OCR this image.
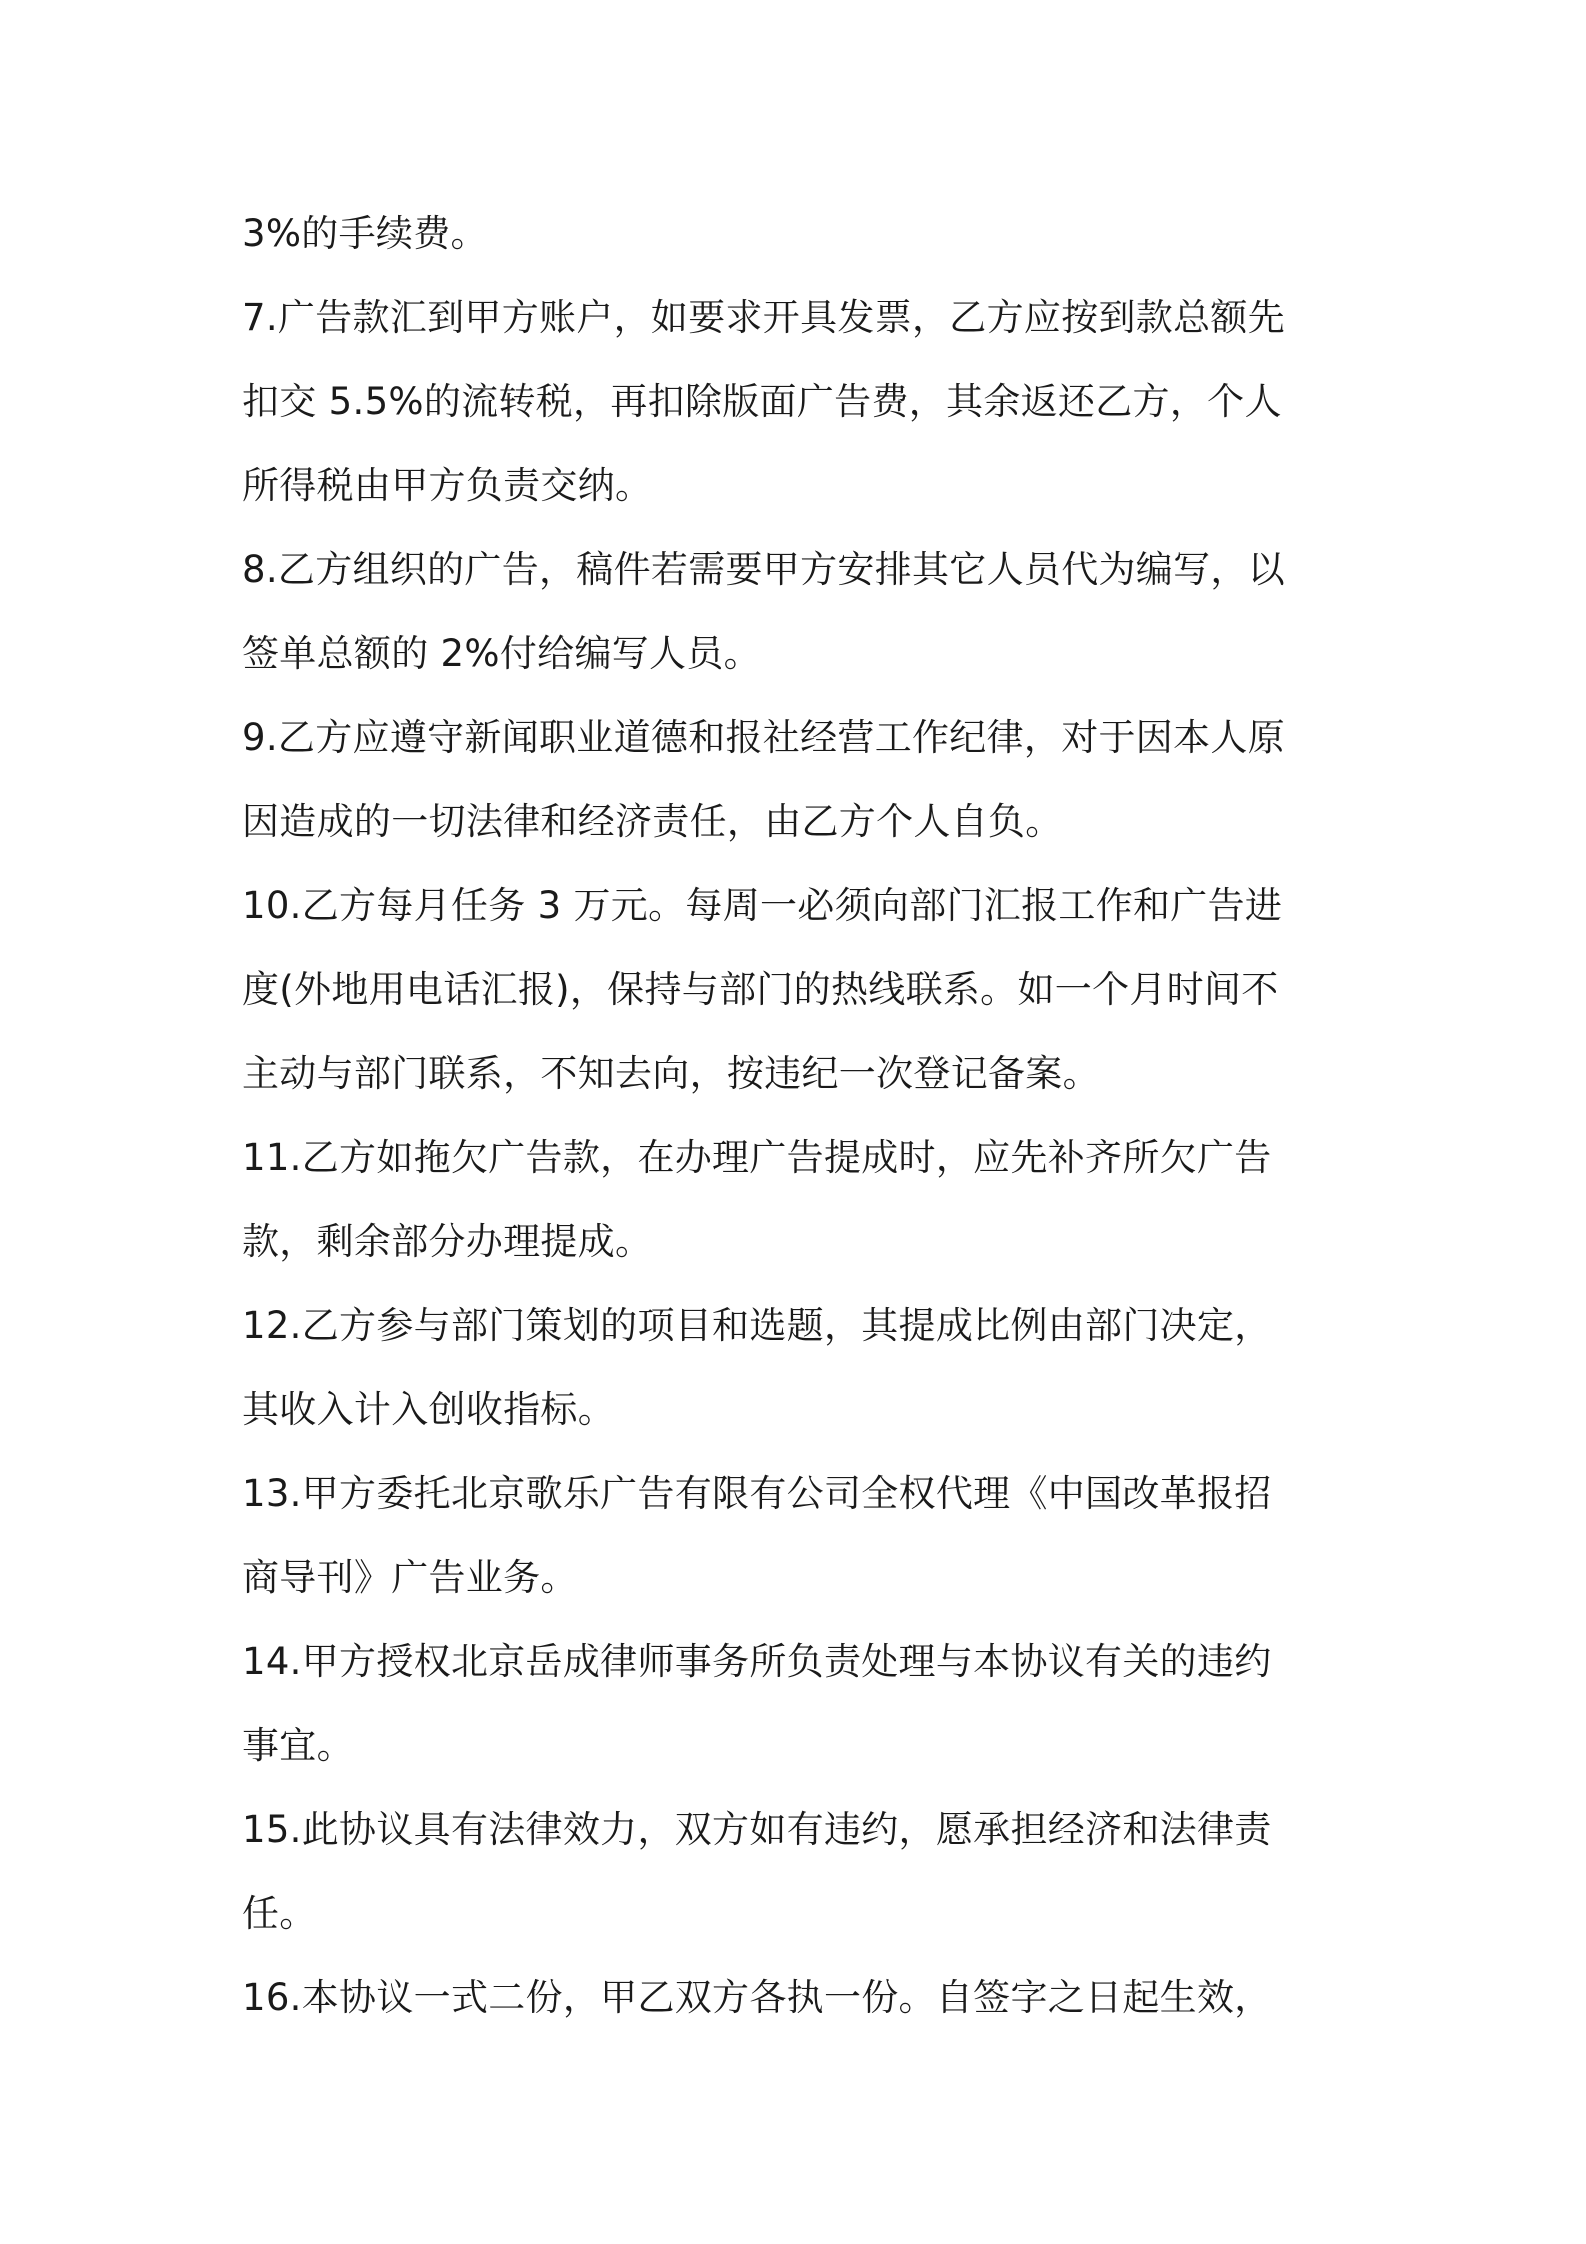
3%的手续费。
7.广告款汇到甲方账户，如要求开具发票，乙方应按到款总额先
扣交 5.5%的流转税，再扣除版面广告费，其余返还乙方，个人
所得税由甲方负责交纳。
8.乙方组织的广告，稿件若需要甲方安排其它人员代为编写，以
签单总额的 2%付给编写人员。
9.乙方应遵守新闻职业道德和报社经营工作纪律，对于因本人原
因造成的一切法律和经济责任，由乙方个人自负。
10.乙方每月任务 3 万元。每周一必须向部门汇报工作和广告进
度(外地用电话汇报)，保持与部门的热线联系。如一个月时间不
主动与部门联系，不知去向，按违纪一次登记备案。
11.乙方如拖欠广告款，在办理广告提成时，应先补齐所欠广告
款，剩余部分办理提成。
12.乙方参与部门策划的项目和选题，其提成比例由部门决定，
其收入计入创收指标。
13.甲方委托北京歌乐广告有限有公司全权代理《中国改革报招
商导刊》广告业务。
14.甲方授权北京岳成律师事务所负责处理与本协议有关的违约
事宜。
15.此协议具有法律效力，双方如有违约，愿承担经济和法律责
任。
16.本协议一式二份，甲乙双方各执一份。自签字之日起生效，
